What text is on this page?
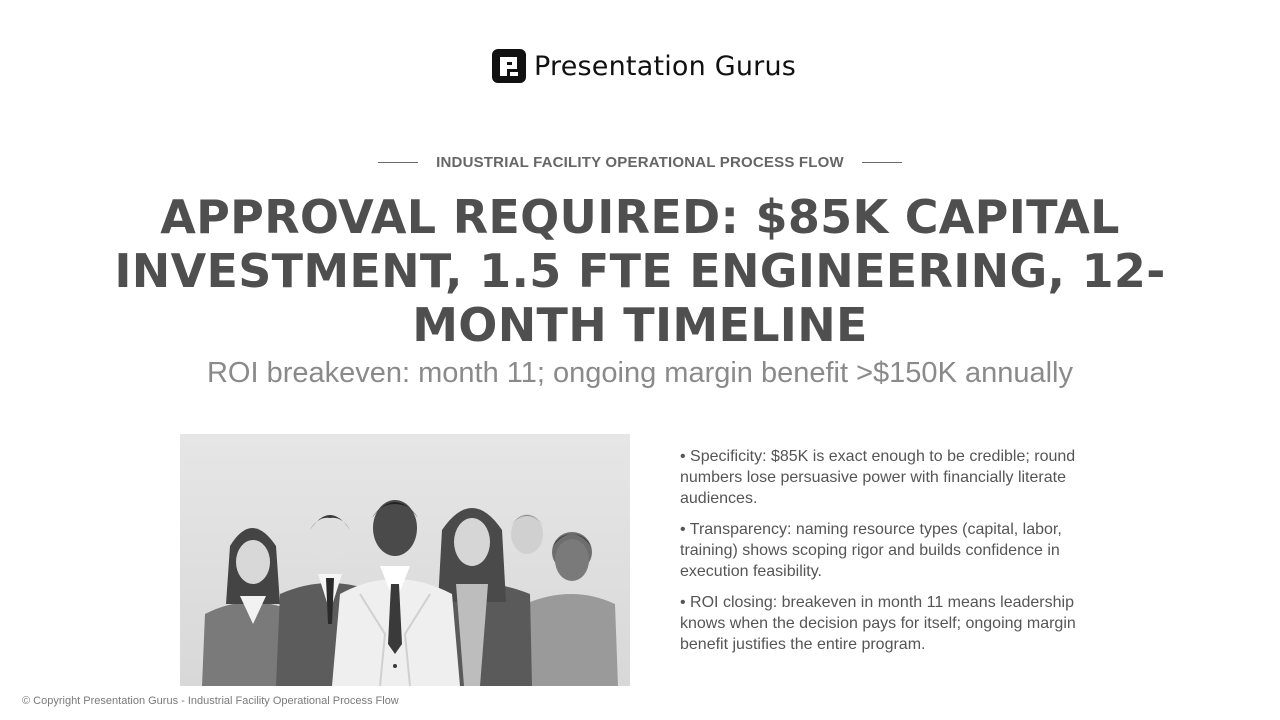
Presentation Gurus
INDUSTRIAL FACILITY OPERATIONAL PROCESS FLOW
APPROVAL REQUIRED: $85K CAPITAL INVESTMENT, 1.5 FTE ENGINEERING, 12-MONTH TIMELINE

ROI breakeven: month 11; ongoing margin benefit >$150K annually

• Specificity: $85K is exact enough to be credible; round numbers lose persuasive power with financially literate audiences.

• Transparency: naming resource types (capital, labor, training) shows scoping rigor and builds confidence in execution feasibility.

• ROI closing: breakeven in month 11 means leadership knows when the decision pays for itself; ongoing margin benefit justifies the entire program.

© Copyright Presentation Gurus - Industrial Facility Operational Process Flow
